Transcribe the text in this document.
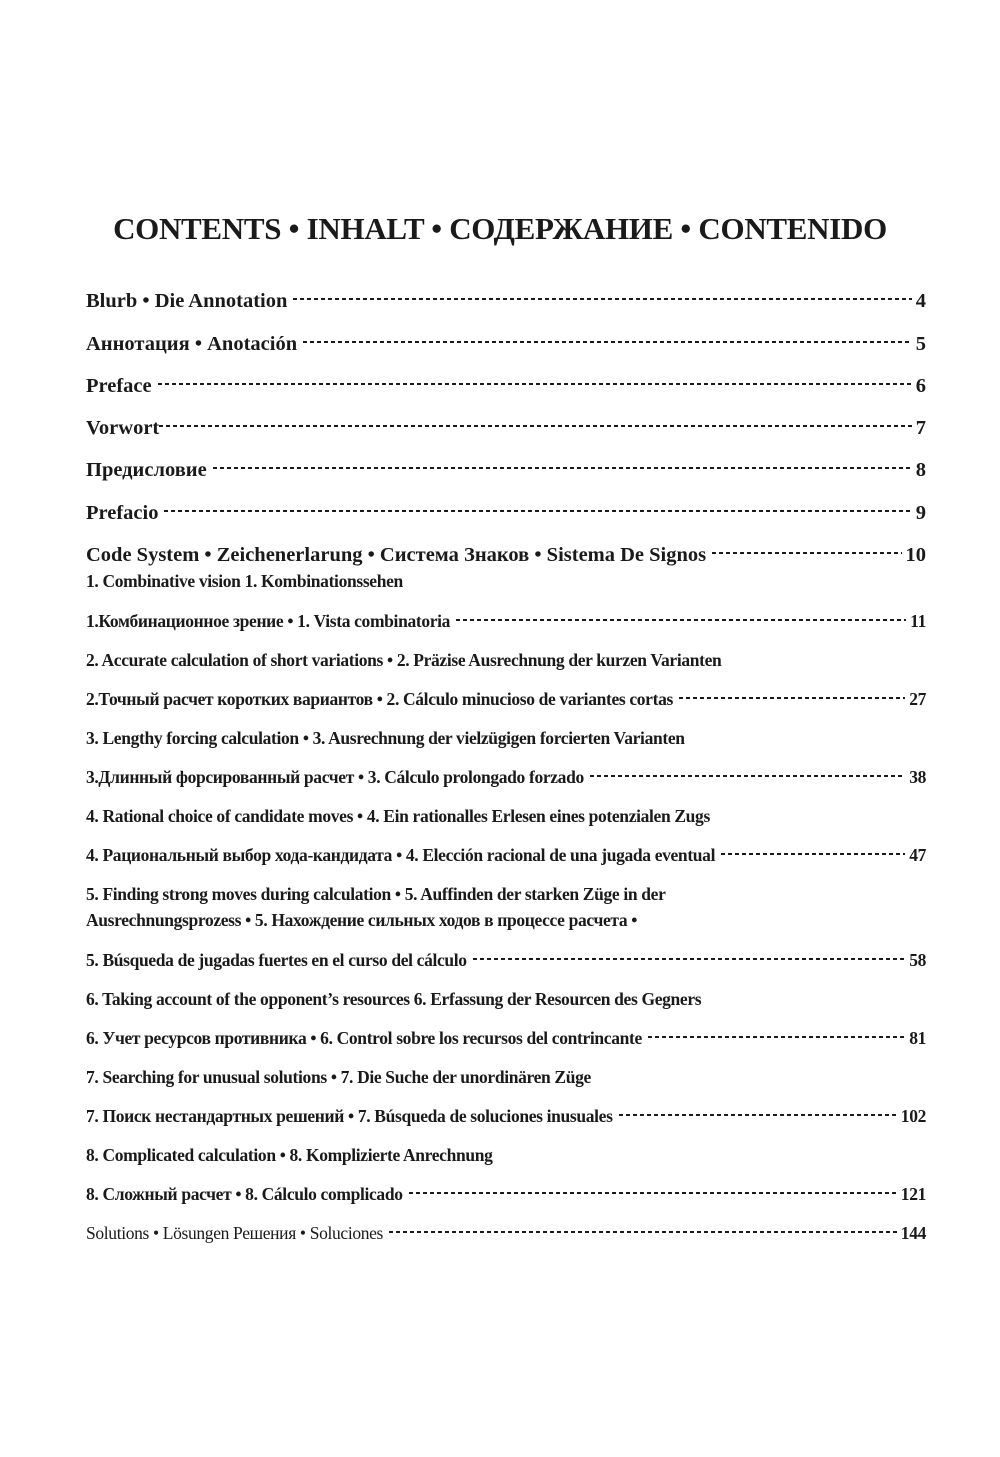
CONTENTS • INHALT • СОДЕРЖАНИЕ • CONTENIDO
Blurb • Die Annotation	4
Аннотация • Anotación	5
Preface	6
Vorwort	7
Предисловие	8
Prefacio	9
Code System • Zeichenerlarung • Система Знаков • Sistema De Signos	10
1. Combinative vision 1. Kombinationssehen
1.Комбинационное зрение • 1. Vista combinatoria	11
2. Accurate calculation of short variations • 2. Präzise Ausrechnung der kurzen Varianten
2.Точный расчет коротких вариантов • 2. Cálculo minucioso de variantes cortas	27
3. Lengthy forcing calculation • 3. Ausrechnung der vielzügigen forcierten Varianten
3.Длинный форсированный расчет • 3. Cálculo prolongado forzado	38
4. Rational choice of candidate moves • 4. Ein rationalles Erlesen eines potenzialen Zugs
4. Рациональный выбор хода-кандидата • 4. Elección racional de una jugada eventual	47
5. Finding strong moves during calculation • 5. Auffinden der starken Züge in der
Ausrechnungsprozess • 5. Нахождение сильных ходов в процессе расчета •
5. Búsqueda de jugadas fuertes en el curso del cálculo	58
6. Taking account of the opponent’s resources 6. Erfassung der Resourcen des Gegners
6. Учет ресурсов противника • 6. Control sobre los recursos del contrincante	81
7. Searching for unusual solutions • 7. Die Suche der unordinären Züge
7. Поиск нестандартных решений • 7. Búsqueda de soluciones inusuales	102
8. Complicated calculation • 8. Komplizierte Anrechnung
8. Сложный расчет • 8. Cálculo complicado	121
Solutions • Lösungen Решения • Soluciones	144
